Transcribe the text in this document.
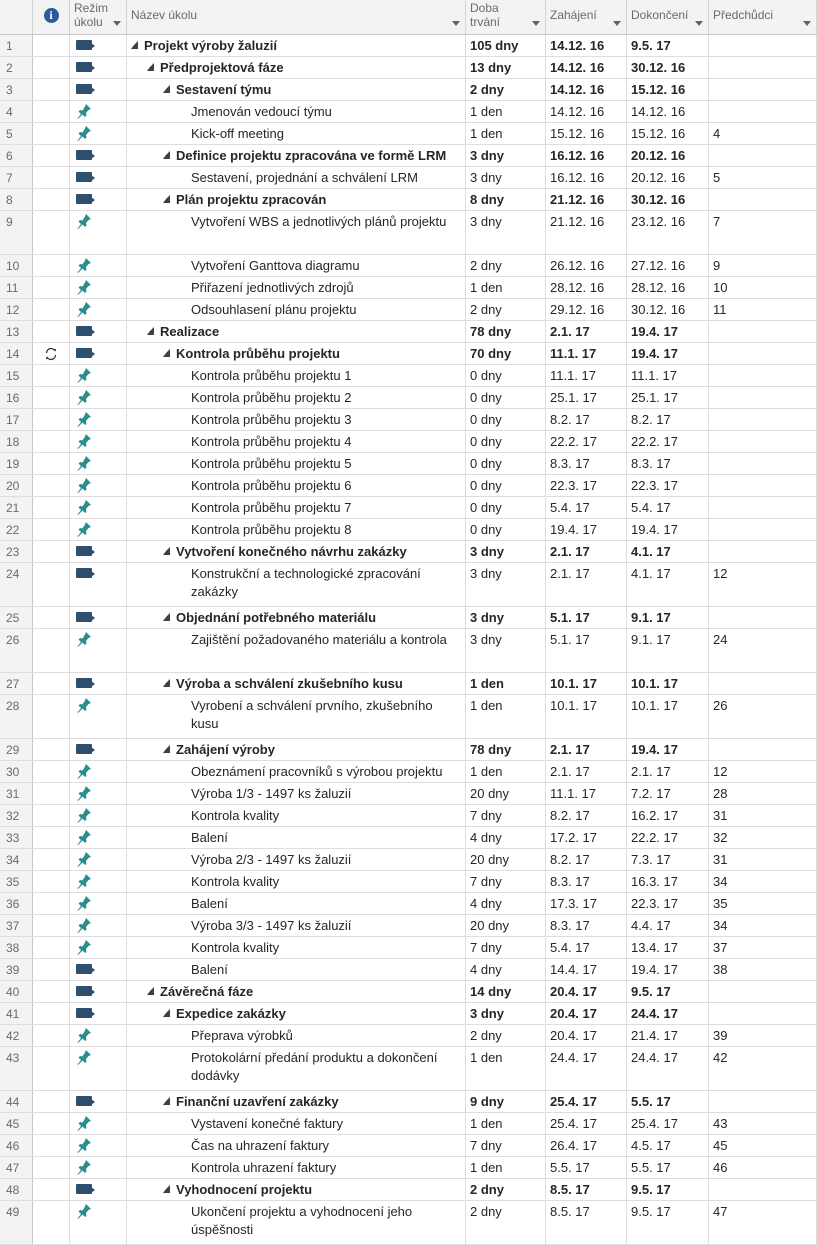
i	Režim
úkolu	Název úkolu	Doba
trvání	Zahájení	Dokončení	Předchůdci
1	Projekt výroby žaluzií	105 dny	14.12. 16	9.5. 17
2	Předprojektová fáze	13 dny	14.12. 16	30.12. 16
3	Sestavení týmu	2 dny	14.12. 16	15.12. 16
4	Jmenován vedoucí týmu	1 den	14.12. 16	14.12. 16
5	Kick-off meeting	1 den	15.12. 16	15.12. 16	4
6	Definice projektu zpracována ve formě LRM	3 dny	16.12. 16	20.12. 16
7	Sestavení, projednání a schválení LRM	3 dny	16.12. 16	20.12. 16	5
8	Plán projektu zpracován	8 dny	21.12. 16	30.12. 16
9	Vytvoření WBS a jednotlivých plánů projektu	3 dny	21.12. 16	23.12. 16	7
10	Vytvoření Ganttova diagramu	2 dny	26.12. 16	27.12. 16	9
11	Přiřazení jednotlivých zdrojů	1 den	28.12. 16	28.12. 16	10
12	Odsouhlasení plánu projektu	2 dny	29.12. 16	30.12. 16	11
13	Realizace	78 dny	2.1. 17	19.4. 17
14	Kontrola průběhu projektu	70 dny	11.1. 17	19.4. 17
15	Kontrola průběhu projektu 1	0 dny	11.1. 17	11.1. 17
16	Kontrola průběhu projektu 2	0 dny	25.1. 17	25.1. 17
17	Kontrola průběhu projektu 3	0 dny	8.2. 17	8.2. 17
18	Kontrola průběhu projektu 4	0 dny	22.2. 17	22.2. 17
19	Kontrola průběhu projektu 5	0 dny	8.3. 17	8.3. 17
20	Kontrola průběhu projektu 6	0 dny	22.3. 17	22.3. 17
21	Kontrola průběhu projektu 7	0 dny	5.4. 17	5.4. 17
22	Kontrola průběhu projektu 8	0 dny	19.4. 17	19.4. 17
23	Vytvoření konečného návrhu zakázky	3 dny	2.1. 17	4.1. 17
24	Konstrukční a technologické zpracování zakázky
3 dny	2.1. 17	4.1. 17	12
25	Objednání potřebného materiálu	3 dny	5.1. 17	9.1. 17
26	Zajištění požadovaného materiálu a kontrola	3 dny	5.1. 17	9.1. 17	24
27	Výroba a schválení zkušebního kusu	1 den	10.1. 17	10.1. 17
28	Vyrobení a schválení prvního, zkušebního kusu
1 den	10.1. 17	10.1. 17	26
29	Zahájení výroby	78 dny	2.1. 17	19.4. 17
30	Obeznámení pracovníků s výrobou projektu	1 den	2.1. 17	2.1. 17	12
31	Výroba 1/3 - 1497 ks žaluzií	20 dny	11.1. 17	7.2. 17	28
32	Kontrola kvality	7 dny	8.2. 17	16.2. 17	31
33	Balení	4 dny	17.2. 17	22.2. 17	32
34	Výroba 2/3 - 1497 ks žaluzií	20 dny	8.2. 17	7.3. 17	31
35	Kontrola kvality	7 dny	8.3. 17	16.3. 17	34
36	Balení	4 dny	17.3. 17	22.3. 17	35
37	Výroba 3/3 - 1497 ks žaluzií	20 dny	8.3. 17	4.4. 17	34
38	Kontrola kvality	7 dny	5.4. 17	13.4. 17	37
39	Balení	4 dny	14.4. 17	19.4. 17	38
40	Závěrečná fáze	14 dny	20.4. 17	9.5. 17
41	Expedice zakázky	3 dny	20.4. 17	24.4. 17
42	Přeprava výrobků	2 dny	20.4. 17	21.4. 17	39
43	Protokolární předání produktu a dokončení dodávky
1 den	24.4. 17	24.4. 17	42
44	Finanční uzavření zakázky	9 dny	25.4. 17	5.5. 17
45	Vystavení konečné faktury	1 den	25.4. 17	25.4. 17	43
46	Čas na uhrazení faktury	7 dny	26.4. 17	4.5. 17	45
47	Kontrola uhrazení faktury	1 den	5.5. 17	5.5. 17	46
48	Vyhodnocení projektu	2 dny	8.5. 17	9.5. 17
49	Ukončení projektu a vyhodnocení jeho úspěšnosti
2 dny	8.5. 17	9.5. 17	47
